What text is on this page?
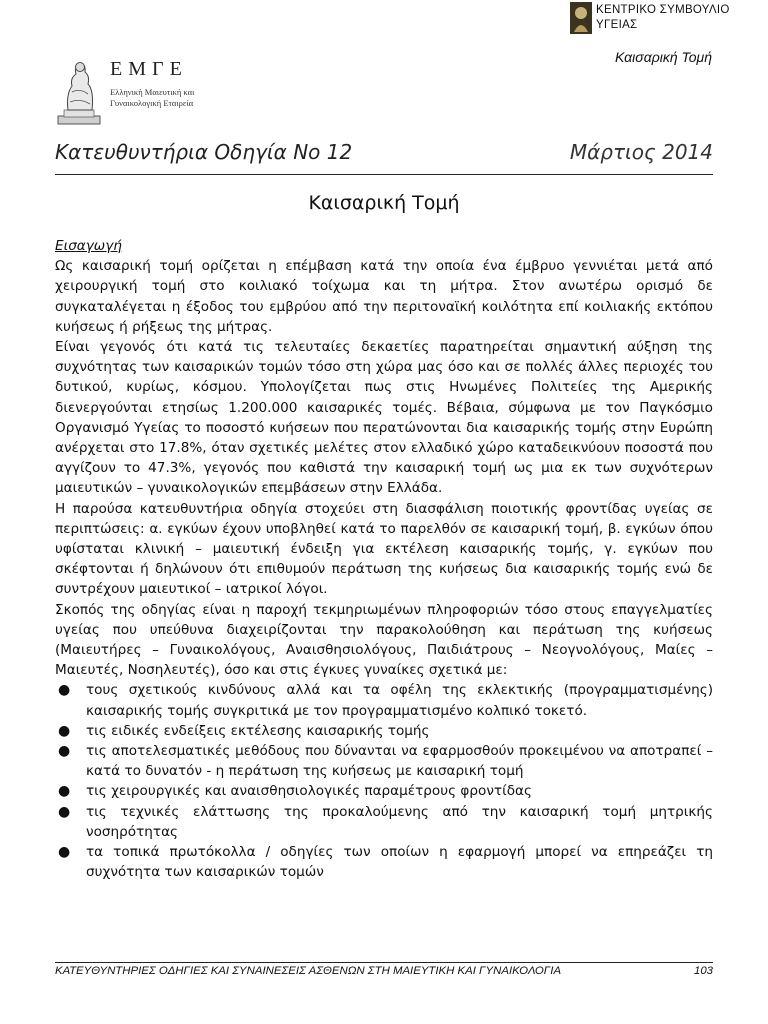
ΚΕΝΤΡΙΚΟ ΣΥΜΒΟΥΛΙΟ
ΥΓΕΙΑΣ
Καισαρική Τομή
ΕΜΓΕ
Ελληνική Μαιευτική και
Γυναικολογική Εταιρεία
Κατευθυντήρια Οδηγία No 12	Μάρτιος 2014
Καισαρική Τομή

Εισαγωγή

Ως καισαρική τομή ορίζεται η επέμβαση κατά την οποία ένα έμβρυο γεννιέται μετά από χειρουργική τομή στο κοιλιακό τοίχωμα και τη μήτρα. Στον ανωτέρω ορισμό δε συγκαταλέγεται η έξοδος του εμβρύου από την περιτοναϊκή κοιλότητα επί κοιλιακής εκτόπου κυήσεως ή ρήξεως της μήτρας.

Είναι γεγονός ότι κατά τις τελευταίες δεκαετίες παρατηρείται σημαντική αύξηση της συχνότητας των καισαρικών τομών τόσο στη χώρα μας όσο και σε πολλές άλλες περιοχές του δυτικού, κυρίως, κόσμου. Υπολογίζεται πως στις Ηνωμένες Πολιτείες της Αμερικής διενεργούνται ετησίως 1.200.000 καισαρικές τομές. Βέβαια, σύμφωνα με τον Παγκόσμιο Οργανισμό Υγείας το ποσοστό κυήσεων που περατώνονται δια καισαρικής τομής στην Ευρώπη ανέρχεται στο 17.8%, όταν σχετικές μελέτες στον ελλαδικό χώρο καταδεικνύουν ποσοστά που αγγίζουν το 47.3%, γεγονός που καθιστά την καισαρική τομή ως μια εκ των συχνότερων μαιευτικών – γυναικολογικών επεμβάσεων στην Ελλάδα.

Η παρούσα κατευθυντήρια οδηγία στοχεύει στη διασφάλιση ποιοτικής φροντίδας υγείας σε περιπτώσεις: α. εγκύων έχουν υποβληθεί κατά το παρελθόν σε καισαρική τομή, β. εγκύων όπου υφίσταται κλινική – μαιευτική ένδειξη για εκτέλεση καισαρικής τομής, γ. εγκύων που σκέφτονται ή δηλώνουν ότι επιθυμούν περάτωση της κυήσεως δια καισαρικής τομής ενώ δε συντρέχουν μαιευτικοί – ιατρικοί λόγοι.

Σκοπός της οδηγίας είναι η παροχή τεκμηριωμένων πληροφοριών τόσο στους επαγγελματίες υγείας που υπεύθυνα διαχειρίζονται την παρακολούθηση και περάτωση της κυήσεως (Μαιευτήρες – Γυναικολόγους, Αναισθησιολόγους, Παιδιάτρους – Νεογνολόγους, Μαίες – Μαιευτές, Νοσηλευτές), όσο και στις έγκυες γυναίκες σχετικά με:

● τους σχετικούς κινδύνους αλλά και τα οφέλη της εκλεκτικής (προγραμματισμένης) καισαρικής τομής συγκριτικά με τον προγραμματισμένο κολπικό τοκετό.
● τις ειδικές ενδείξεις εκτέλεσης καισαρικής τομής
● τις αποτελεσματικές μεθόδους που δύνανται να εφαρμοσθούν προκειμένου να αποτραπεί – κατά το δυνατόν - η περάτωση της κυήσεως με καισαρική τομή
● τις χειρουργικές και αναισθησιολογικές παραμέτρους φροντίδας
● τις τεχνικές ελάττωσης της προκαλούμενης από την καισαρική τομή μητρικής νοσηρότητας
● τα τοπικά πρωτόκολλα / οδηγίες των οποίων η εφαρμογή μπορεί να επηρεάζει τη συχνότητα των καισαρικών τομών
ΚΑΤΕΥΘΥΝΤΗΡΙΕΣ ΟΔΗΓΙΕΣ ΚΑΙ ΣΥΝΑΙΝΕΣΕΙΣ ΑΣΘΕΝΩΝ ΣΤΗ ΜΑΙΕΥΤΙΚΗ ΚΑΙ ΓΥΝΑΙΚΟΛΟΓΙΑ	103
